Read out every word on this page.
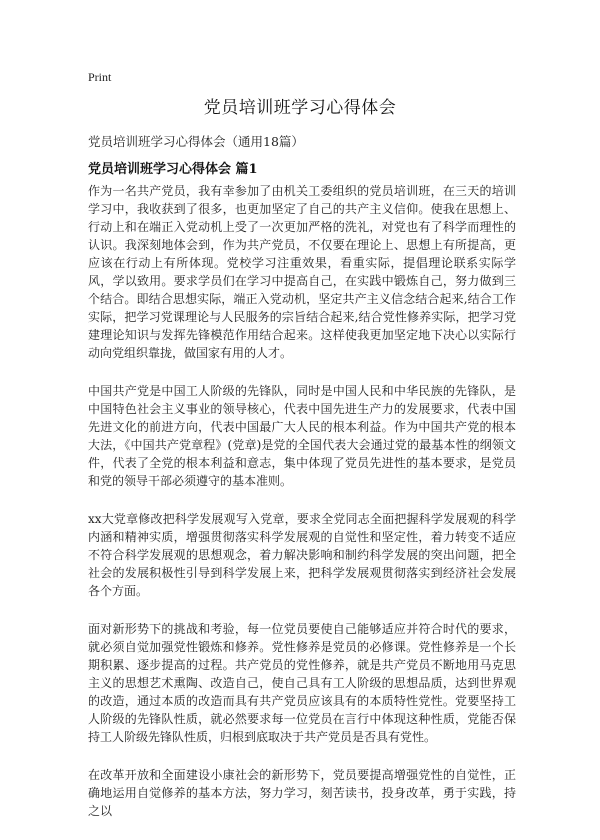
Print
党员培训班学习心得体会
党员培训班学习心得体会（通用18篇）
党员培训班学习心得体会 篇1

作为一名共产党员，我有幸参加了由机关工委组织的党员培训班，在三天的培训学习中，我收获到了很多，也更加坚定了自己的共产主义信仰。使我在思想上、行动上和在端正入党动机上受了一次更加严格的洗礼，对党也有了科学而理性的认识。我深刻地体会到，作为共产党员，不仅要在理论上、思想上有所提高，更应该在行动上有所体现。党校学习注重效果，看重实际，提倡理论联系实际学风，学以致用。要求学员们在学习中提高自己，在实践中锻炼自己，努力做到三个结合。即结合思想实际，端正入党动机，坚定共产主义信念结合起来,结合工作实际，把学习党课理论与人民服务的宗旨结合起来,结合党性修养实际，把学习党建理论知识与发挥先锋模范作用结合起来。这样使我更加坚定地下决心以实际行动向党组织靠拢，做国家有用的人才。

中国共产党是中国工人阶级的先锋队，同时是中国人民和中华民族的先锋队，是中国特色社会主义事业的领导核心，代表中国先进生产力的发展要求，代表中国先进文化的前进方向，代表中国最广大人民的根本利益。作为中国共产党的根本大法，《中国共产党章程》(党章)是党的全国代表大会通过党的最基本性的纲领文件，代表了全党的根本利益和意志，集中体现了党员先进性的基本要求，是党员和党的领导干部必须遵守的基本准则。

xx大党章修改把科学发展观写入党章，要求全党同志全面把握科学发展观的科学内涵和精神实质，增强贯彻落实科学发展观的自觉性和坚定性，着力转变不适应不符合科学发展观的思想观念，着力解决影响和制约科学发展的突出问题，把全社会的发展积极性引导到科学发展上来，把科学发展观贯彻落实到经济社会发展各个方面。

面对新形势下的挑战和考验，每一位党员要使自己能够适应并符合时代的要求，就必须自觉加强党性锻炼和修养。党性修养是党员的必修课。党性修养是一个长期积累、逐步提高的过程。共产党员的党性修养，就是共产党员不断地用马克思主义的思想艺术熏陶、改造自己，使自己具有工人阶级的思想品质，达到世界观的改造，通过本质的改造而具有共产党员应该具有的本质特性党性。党要坚持工人阶级的先锋队性质，就必然要求每一位党员在言行中体现这种性质，党能否保持工人阶级先锋队性质，归根到底取决于共产党员是否具有党性。

在改革开放和全面建设小康社会的新形势下，党员要提高增强党性的自觉性，正确地运用自觉修养的基本方法，努力学习，刻苦读书，投身改革，勇于实践，持之以
